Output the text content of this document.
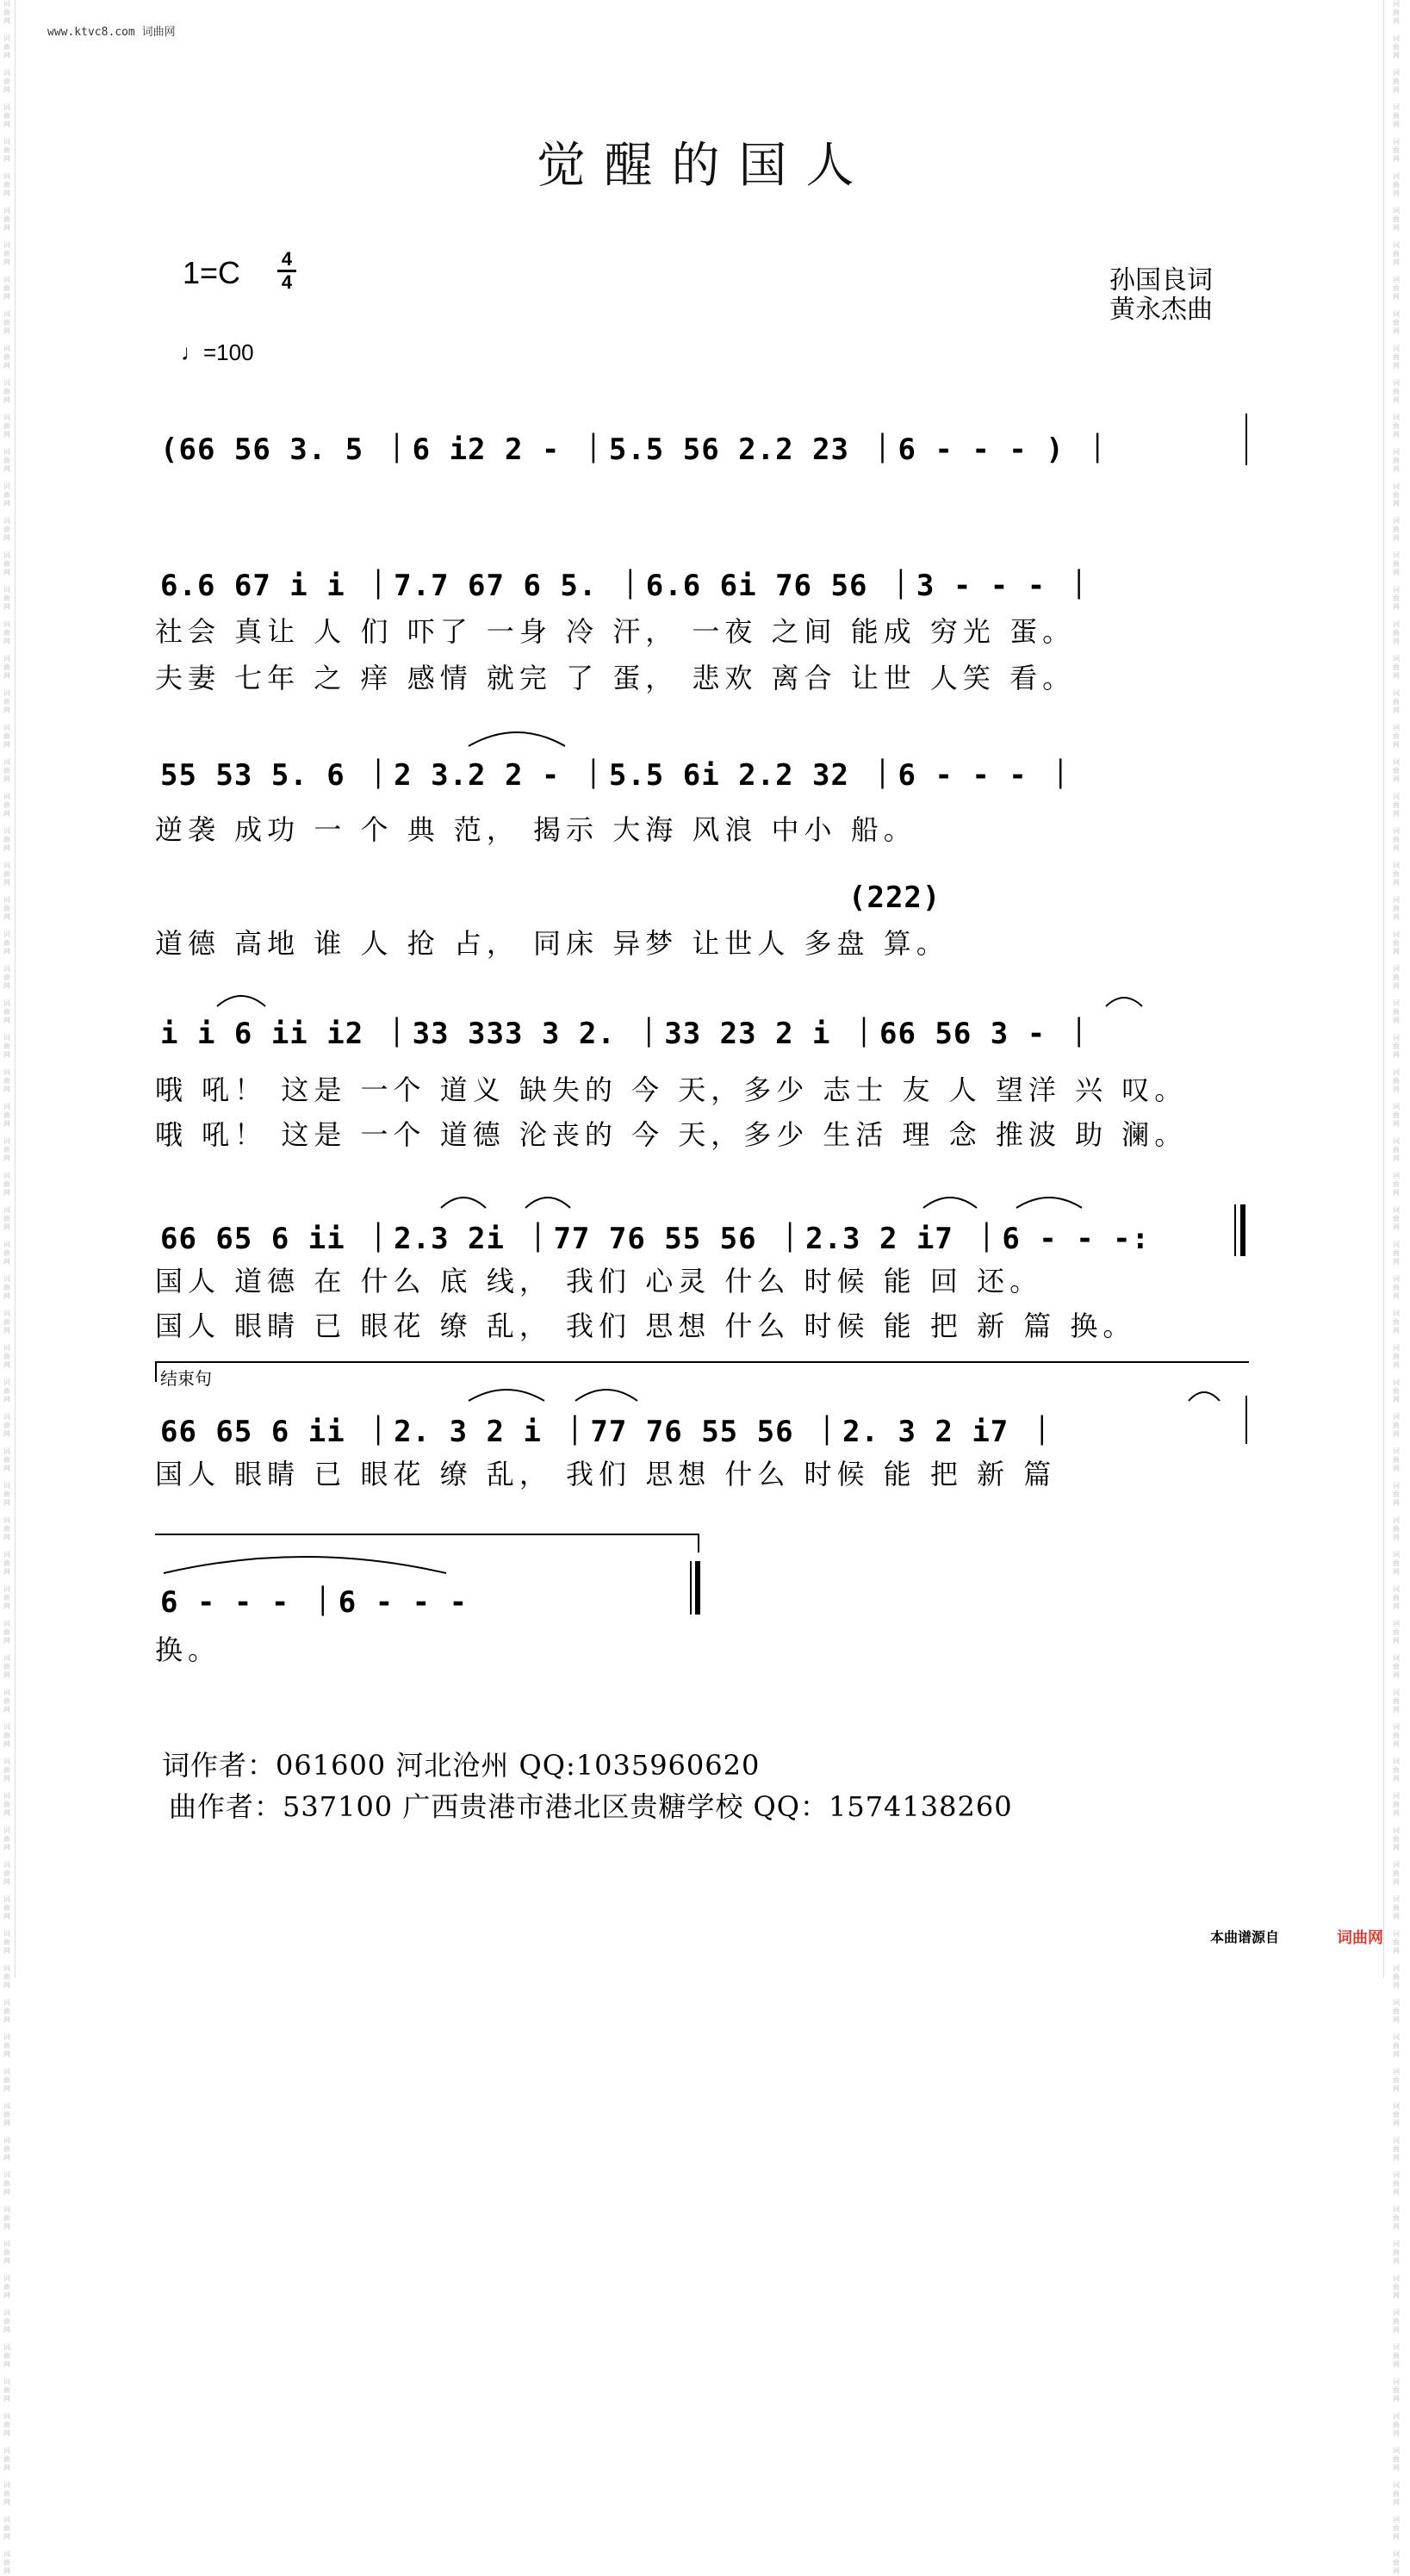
词
曲
网

词
曲
网

词
曲
网

词
曲
网

词
曲
网

词
曲
网

词
曲
网

词
曲
网

词
曲
网

词
曲
网

词
曲
网

词
曲
网

词
曲
网

词
曲
网

词
曲
网

词
曲
网

词
曲
网

词
曲
网

词
曲
网

词
曲
网

词
曲
网

词
曲
网

词
曲
网

词
曲
网

词
曲
网

词
曲
网

词
曲
网

词
曲
网

词
曲
网

词
曲
网

词
曲
网

词
曲
网

词
曲
网

词
曲
网

词
曲
网

词
曲
网

词
曲
网

词
曲
网

词
曲
网

词
曲
网

词
曲
网

词
曲
网

词
曲
网

词
曲
网

词
曲
网

词
曲
网

词
曲
网

词
曲
网

词
曲
网

词
曲
网

词
曲
网

词
曲
网

词
曲
网

词
曲
网

词
曲
网

词
曲
网

词
曲
网

词
曲
网

词
曲
网

词
曲
网

词
曲
网

词
曲
网

词
曲
网

词
曲
网

词
曲
网

词
曲
网

词
曲
网

词
曲
网

词
曲
网

词
曲
网

词
曲
网

词
曲
网

词
曲
网

词
曲
网

词
曲
网

词
曲
网

词
曲
网

词
曲
网

词
曲
网

词
曲
网

词
曲
网

词
曲
网

词
曲
网

词
曲
网

词
曲
网

词
曲
网

词
曲
网

词
曲
网

词
曲
网

词
曲
网

词
曲
网

词
曲
网

词
曲
网

词
曲
网

词
曲
网

词
曲
网

词
曲
网

词
曲
网

词
曲
网

词
曲
网

词
曲
网

词
曲
网

词
曲
网

词
曲
网

词
曲
网

词
曲
网

词
曲
网

词
曲
网

词
曲
网

词
曲
网

词
曲
网

词
曲
网

词
曲
网

词
曲
网

词
曲
网

词
曲
网

词
曲
网

词
曲
网

词
曲
网

词
曲
网

词
曲
网

词
曲
网

词
曲
网

词
曲
网

词
曲
网

词
曲
网

词
曲
网

词
曲
网

词
曲
网

词
曲
网

词
曲
网

词
曲
网

词
曲
网

词
曲
网

词
曲
网

词
曲
网

词
曲
网

词
曲
网

词
曲
网

词
曲
网

词
曲
网

词
曲
网

词
曲
网

词
曲
网

词
曲
网

词
曲
网

词
曲
网

词
曲
网

词
曲
网

词
曲
网

www.ktvc8.com 词曲网
觉醒的国人
1=C 4
4	孙国良词
黄永杰曲
♩=100
(66 56 3. 5 ｜6 i2 2 - ｜5.5 56 2.2 23 ｜6 - - - ) ｜
6.6 67 i i ｜7.7 67 6 5. ｜6.6 6i 76 56 ｜3 - - - ｜
社会 真让 人 们 吓了 一身 冷 汗， 一夜 之间 能成 穷光 蛋。
夫妻 七年 之 痒 感情 就完 了 蛋， 悲欢 离合 让世 人笑 看。
55 53 5. 6 ｜2 3.2 2 - ｜5.5 6i 2.2 32 ｜6 - - - ｜
逆袭 成功 一 个 典 范， 揭示 大海 风浪 中小 船。
(222)
道德 高地 谁 人 抢 占， 同床 异梦 让世人 多盘 算。
i i 6 ii i2 ｜33 333 3 2. ｜33 23 2 i ｜66 56 3 - ｜
哦 吼！ 这是 一个 道义 缺失的 今 天，多少 志士 友 人 望洋 兴 叹。
哦 吼！ 这是 一个 道德 沦丧的 今 天，多少 生活 理 念 推波 助 澜。
66 65 6 ii ｜2.3 2i ｜77 76 55 56 ｜2.3 2 i7 ｜6 - - -:
国人 道德 在 什么 底 线， 我们 心灵 什么 时候 能 回 还。
国人 眼睛 已 眼花 缭 乱， 我们 思想 什么 时候 能 把 新 篇 换。
结束句
66 65 6 ii ｜2. 3 2 i ｜77 76 55 56 ｜2. 3 2 i7 ｜
国人 眼睛 已 眼花 缭 乱， 我们 思想 什么 时候 能 把 新 篇
6 - - - ｜6 - - -
换。
词作者：061600 河北沧州 QQ:1035960620
曲作者：537100 广西贵港市港北区贵糖学校 QQ：1574138260
本曲谱源自	词曲网
